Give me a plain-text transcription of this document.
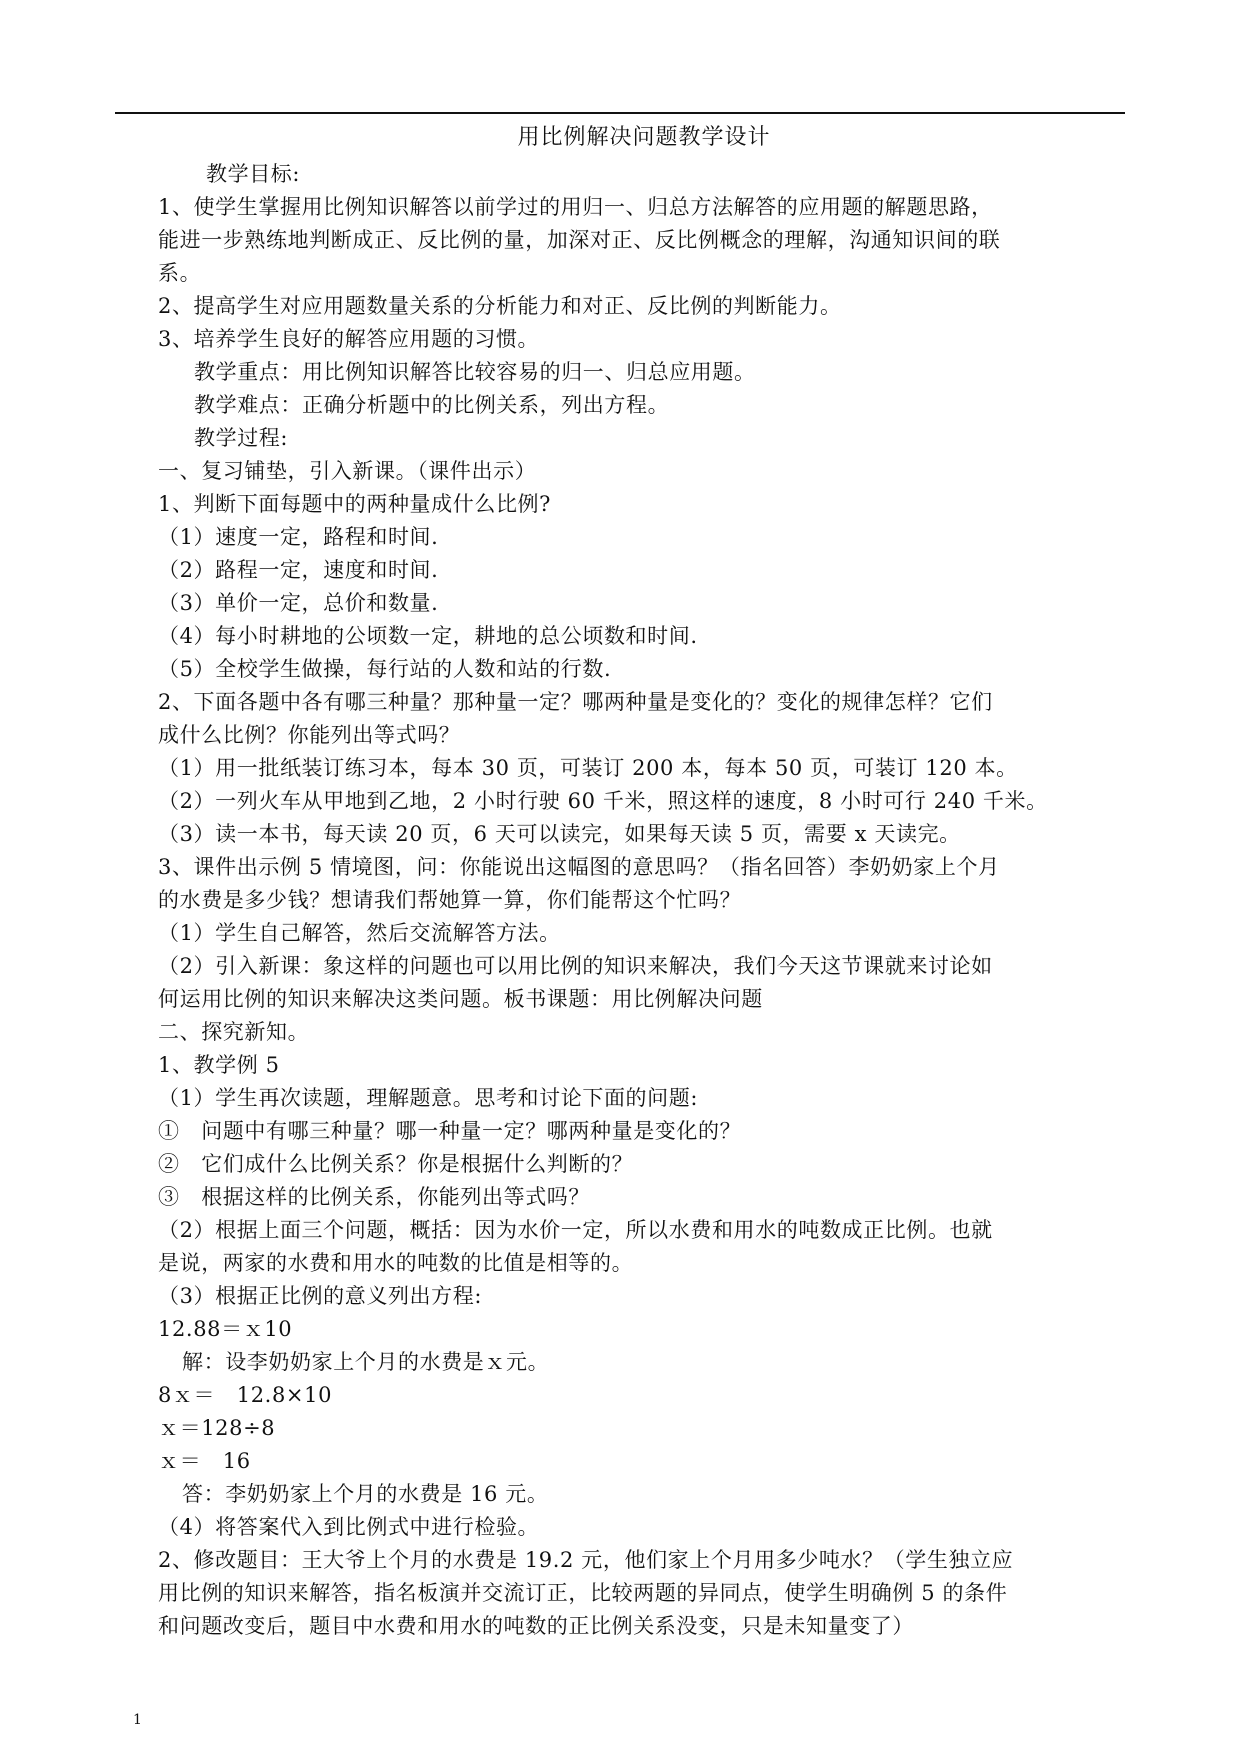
用比例解决问题教学设计
教学目标:
1、使学生掌握用比例知识解答以前学过的用归一、归总方法解答的应用题的解题思路，
能进一步熟练地判断成正、反比例的量，加深对正、反比例概念的理解，沟通知识间的联
系。
2、提高学生对应用题数量关系的分析能力和对正、反比例的判断能力。
3、培养学生良好的解答应用题的习惯。
教学重点：用比例知识解答比较容易的归一、归总应用题。
教学难点：正确分析题中的比例关系，列出方程。
教学过程:
一、复习铺垫，引入新课。（课件出示）
1、判断下面每题中的两种量成什么比例?
（1）速度一定，路程和时间.
（2）路程一定，速度和时间.
（3）单价一定，总价和数量.
（4）每小时耕地的公顷数一定，耕地的总公顷数和时间.
（5）全校学生做操，每行站的人数和站的行数.
2、下面各题中各有哪三种量？那种量一定？哪两种量是变化的？变化的规律怎样？它们
成什么比例？你能列出等式吗？
（1）用一批纸装订练习本，每本 30 页，可装订 200 本，每本 50 页，可装订 120 本。
（2）一列火车从甲地到乙地，2 小时行驶 60 千米，照这样的速度，8 小时可行 240 千米。
（3）读一本书，每天读 20 页，6 天可以读完，如果每天读 5 页，需要 x 天读完。
3、课件出示例 5 情境图，问：你能说出这幅图的意思吗？（指名回答）李奶奶家上个月
的水费是多少钱？想请我们帮她算一算，你们能帮这个忙吗？
（1）学生自己解答，然后交流解答方法。
（2）引入新课：象这样的问题也可以用比例的知识来解决，我们今天这节课就来讨论如
何运用比例的知识来解决这类问题。板书课题：用比例解决问题
二、探究新知。
1、教学例 5
（1）学生再次读题，理解题意。思考和讨论下面的问题:
①　问题中有哪三种量？哪一种量一定？哪两种量是变化的？
②　它们成什么比例关系？你是根据什么判断的？
③　根据这样的比例关系，你能列出等式吗？
（2）根据上面三个问题，概括：因为水价一定，所以水费和用水的吨数成正比例。也就
是说，两家的水费和用水的吨数的比值是相等的。
（3）根据正比例的意义列出方程:
12.88＝ｘ10
解：设李奶奶家上个月的水费是ｘ元。
8ｘ＝　12.8×10
ｘ＝128÷8
ｘ＝　16
答：李奶奶家上个月的水费是 16 元。
（4）将答案代入到比例式中进行检验。
2、修改题目：王大爷上个月的水费是 19.2 元，他们家上个月用多少吨水？（学生独立应
用比例的知识来解答，指名板演并交流订正，比较两题的异同点，使学生明确例 5 的条件
和问题改变后，题目中水费和用水的吨数的正比例关系没变，只是未知量变了）
1
